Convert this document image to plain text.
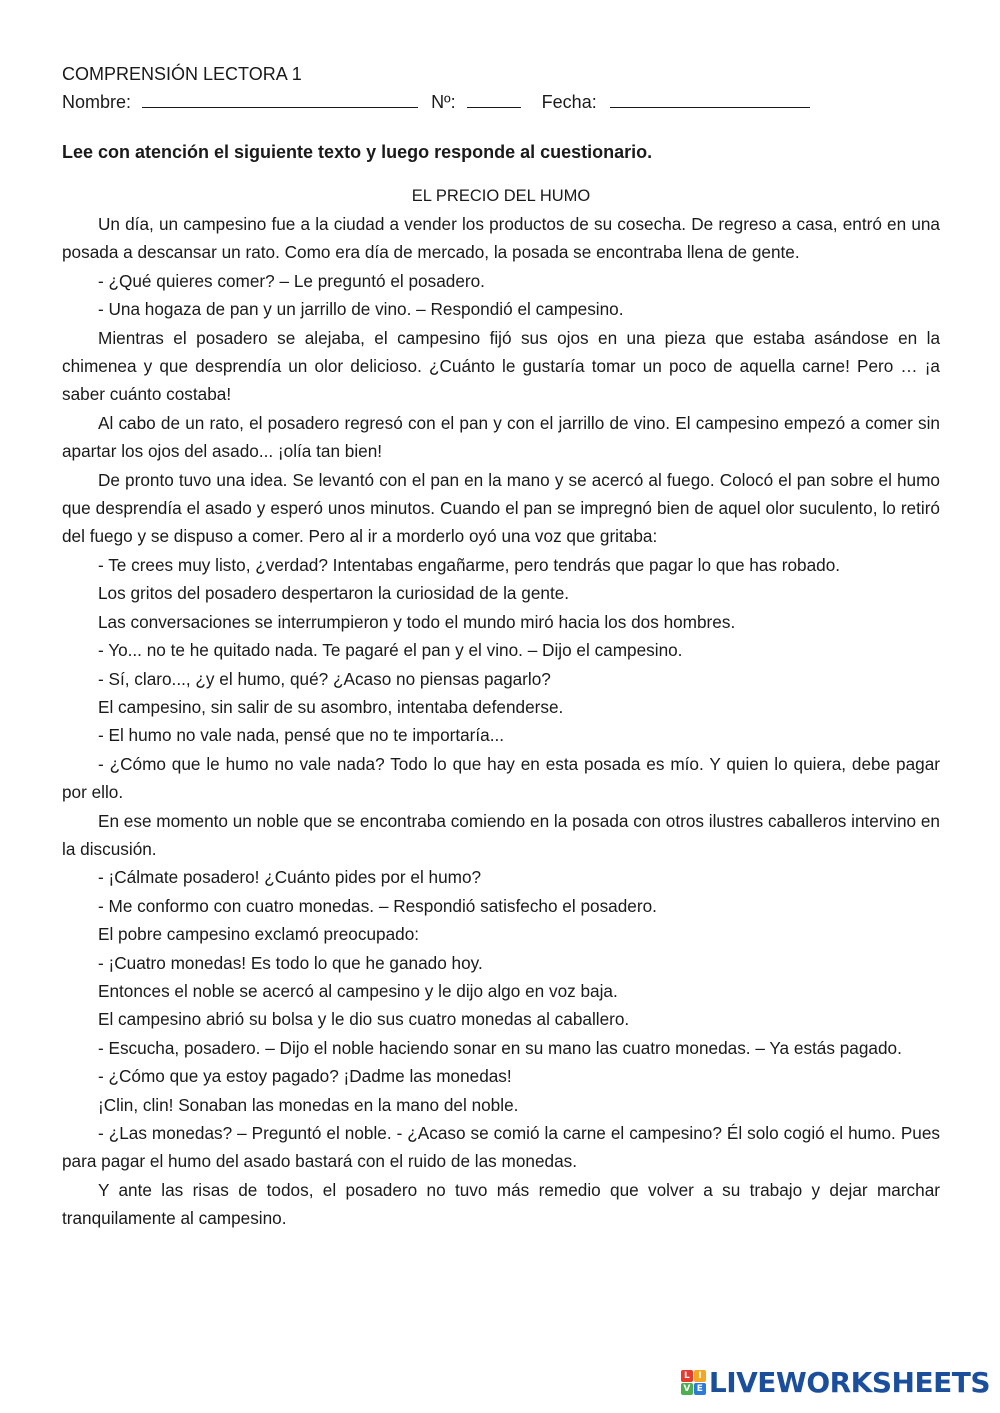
COMPRENSIÓN LECTORA 1
Nombre:	Nº:	Fecha:
Lee con atención el siguiente texto y luego responde al cuestionario.
EL PRECIO DEL HUMO

Un día, un campesino fue a la ciudad a vender los productos de su cosecha. De regreso a casa, entró en una posada a descansar un rato. Como era día de mercado, la posada se encontraba llena de gente.

- ¿Qué quieres comer? – Le preguntó el posadero.

- Una hogaza de pan y un jarrillo de vino. – Respondió el campesino.

Mientras el posadero se alejaba, el campesino fijó sus ojos en una pieza que estaba asándose en la chimenea y que desprendía un olor delicioso. ¿Cuánto le gustaría tomar un poco de aquella carne! Pero … ¡a saber cuánto costaba!

Al cabo de un rato, el posadero regresó con el pan y con el jarrillo de vino. El campesino empezó a comer sin apartar los ojos del asado... ¡olía tan bien!

De pronto tuvo una idea. Se levantó con el pan en la mano y se acercó al fuego. Colocó el pan sobre el humo que desprendía el asado y esperó unos minutos. Cuando el pan se impregnó bien de aquel olor suculento, lo retiró del fuego y se dispuso a comer. Pero al ir a morderlo oyó una voz que gritaba:

- Te crees muy listo, ¿verdad? Intentabas engañarme, pero tendrás que pagar lo que has robado.

Los gritos del posadero despertaron la curiosidad de la gente.

Las conversaciones se interrumpieron y todo el mundo miró hacia los dos hombres.

- Yo... no te he quitado nada. Te pagaré el pan y el vino. – Dijo el campesino.

- Sí, claro..., ¿y el humo, qué? ¿Acaso no piensas pagarlo?

El campesino, sin salir de su asombro, intentaba defenderse.

- El humo no vale nada, pensé que no te importaría...

- ¿Cómo que le humo no vale nada? Todo lo que hay en esta posada es mío. Y quien lo quiera, debe pagar por ello.

En ese momento un noble que se encontraba comiendo en la posada con otros ilustres caballeros intervino en la discusión.

- ¡Cálmate posadero! ¿Cuánto pides por el humo?

- Me conformo con cuatro monedas. – Respondió satisfecho el posadero.

El pobre campesino exclamó preocupado:

- ¡Cuatro monedas! Es todo lo que he ganado hoy.

Entonces el noble se acercó al campesino y le dijo algo en voz baja.

El campesino abrió su bolsa y le dio sus cuatro monedas al caballero.

- Escucha, posadero. – Dijo el noble haciendo sonar en su mano las cuatro monedas. – Ya estás pagado.

- ¿Cómo que ya estoy pagado? ¡Dadme las monedas!

¡Clin, clin! Sonaban las monedas en la mano del noble.

- ¿Las monedas? – Preguntó el noble. - ¿Acaso se comió la carne el campesino? Él solo cogió el humo. Pues para pagar el humo del asado bastará con el ruido de las monedas.

Y ante las risas de todos, el posadero no tuvo más remedio que volver a su trabajo y dejar marchar tranquilamente al campesino.

L I
V E LIVEWORKSHEETS
